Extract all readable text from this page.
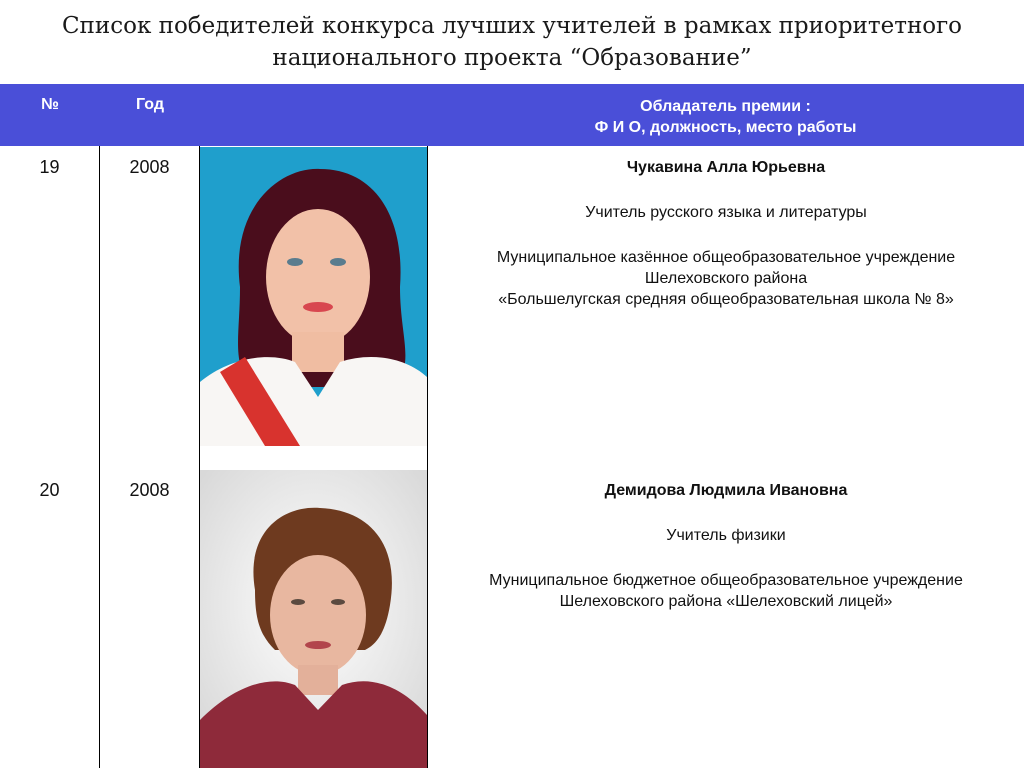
Список победителей конкурса лучших учителей в рамках приоритетного
национального проекта “Образование”
№	Год	Обладатель премии :
Ф И О, должность, место работы
19	2008	Чукавина Алла Юрьевна
Учитель русского языка и литературы
Муниципальное казённое общеобразовательное учреждение
Шелеховского района
«Большелугская средняя общеобразовательная школа № 8»
20	2008	Демидова Людмила Ивановна
Учитель физики
Муниципальное бюджетное общеобразовательное учреждение
Шелеховского района «Шелеховский лицей»
